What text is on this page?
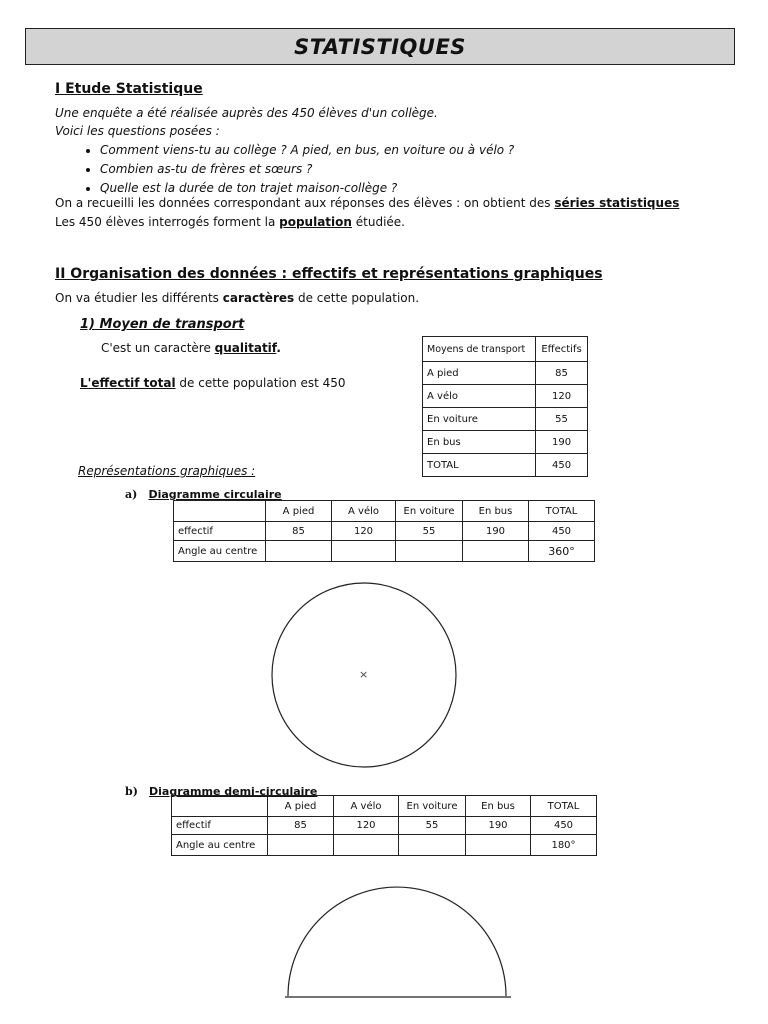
STATISTIQUES
I Etude Statistique
Une enquête a été réalisée auprès des 450 élèves d'un collège.
Voici les questions posées :
• Comment viens-tu au collège ? A pied, en bus, en voiture ou à vélo ?
• Combien as-tu de frères et sœurs ?
• Quelle est la durée de ton trajet maison-collège ?
On a recueilli les données correspondant aux réponses des élèves : on obtient des séries statistiques
Les 450 élèves interrogés forment la population étudiée.
II Organisation des données : effectifs et représentations graphiques
On va étudier les différents caractères de cette population.
1) Moyen de transport
C'est un caractère qualitatif.
L'effectif total de cette population est 450
Moyens de transport	Effectifs
A pied	85
A vélo	120
En voiture	55
En bus	190
TOTAL	450
Représentations graphiques :
a) Diagramme circulaire
	A pied	A vélo	En voiture	En bus	TOTAL
effectif	85	120	55	190	450
Angle au centre					360°
×
b) Diagramme demi-circulaire
	A pied	A vélo	En voiture	En bus	TOTAL
effectif	85	120	55	190	450
Angle au centre					180°
